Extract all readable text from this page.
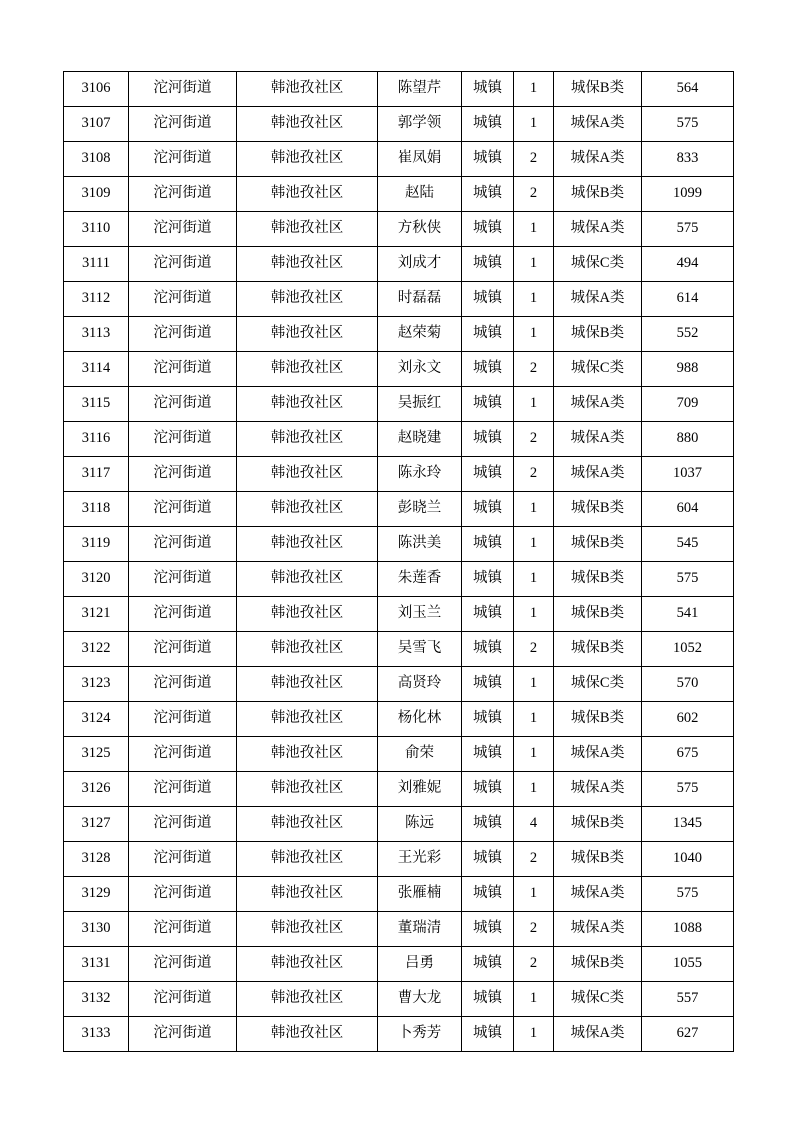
3106	沱河街道	韩池孜社区	陈望芹	城镇	1	城保B类	564
3107	沱河街道	韩池孜社区	郭学领	城镇	1	城保A类	575
3108	沱河街道	韩池孜社区	崔凤娟	城镇	2	城保A类	833
3109	沱河街道	韩池孜社区	赵陆	城镇	2	城保B类	1099
3110	沱河街道	韩池孜社区	方秋侠	城镇	1	城保A类	575
3111	沱河街道	韩池孜社区	刘成才	城镇	1	城保C类	494
3112	沱河街道	韩池孜社区	时磊磊	城镇	1	城保A类	614
3113	沱河街道	韩池孜社区	赵荣菊	城镇	1	城保B类	552
3114	沱河街道	韩池孜社区	刘永文	城镇	2	城保C类	988
3115	沱河街道	韩池孜社区	吴振红	城镇	1	城保A类	709
3116	沱河街道	韩池孜社区	赵晓建	城镇	2	城保A类	880
3117	沱河街道	韩池孜社区	陈永玲	城镇	2	城保A类	1037
3118	沱河街道	韩池孜社区	彭晓兰	城镇	1	城保B类	604
3119	沱河街道	韩池孜社区	陈洪美	城镇	1	城保B类	545
3120	沱河街道	韩池孜社区	朱莲香	城镇	1	城保B类	575
3121	沱河街道	韩池孜社区	刘玉兰	城镇	1	城保B类	541
3122	沱河街道	韩池孜社区	吴雪飞	城镇	2	城保B类	1052
3123	沱河街道	韩池孜社区	高贤玲	城镇	1	城保C类	570
3124	沱河街道	韩池孜社区	杨化林	城镇	1	城保B类	602
3125	沱河街道	韩池孜社区	俞荣	城镇	1	城保A类	675
3126	沱河街道	韩池孜社区	刘雅妮	城镇	1	城保A类	575
3127	沱河街道	韩池孜社区	陈远	城镇	4	城保B类	1345
3128	沱河街道	韩池孜社区	王光彩	城镇	2	城保B类	1040
3129	沱河街道	韩池孜社区	张雁楠	城镇	1	城保A类	575
3130	沱河街道	韩池孜社区	董瑞清	城镇	2	城保A类	1088
3131	沱河街道	韩池孜社区	吕勇	城镇	2	城保B类	1055
3132	沱河街道	韩池孜社区	曹大龙	城镇	1	城保C类	557
3133	沱河街道	韩池孜社区	卜秀芳	城镇	1	城保A类	627
